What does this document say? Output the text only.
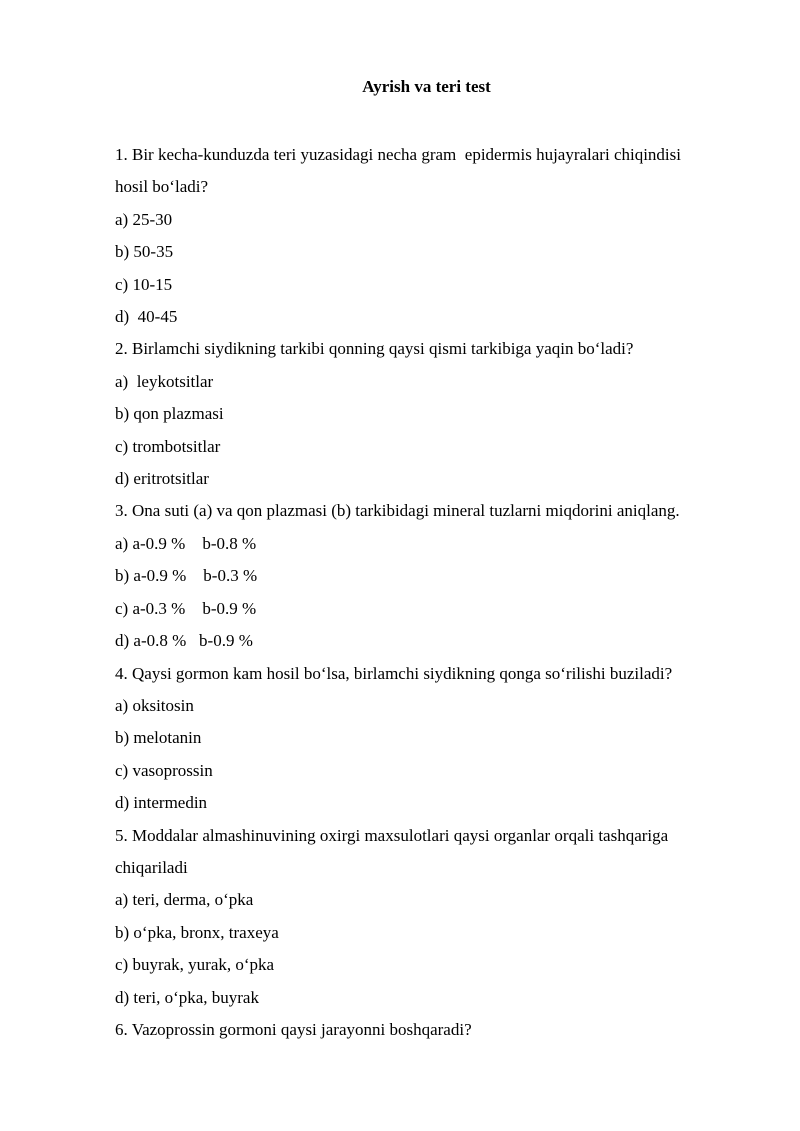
Ayrish va teri test
1. Bir kecha-kunduzda teri yuzasidagi necha gram  epidermis hujayralari chiqindisi
hosil bo‘ladi?
a) 25-30
b) 50-35
c) 10-15
d)  40-45
2. Birlamchi siydikning tarkibi qonning qaysi qismi tarkibiga yaqin bo‘ladi?
a)  leykotsitlar
b) qon plazmasi
c) trombotsitlar
d) eritrotsitlar
3. Ona suti (a) va qon plazmasi (b) tarkibidagi mineral tuzlarni miqdorini aniqlang.
a) a-0.9 %    b-0.8 %
b) a-0.9 %    b-0.3 %
c) a-0.3 %    b-0.9 %
d) a-0.8 %   b-0.9 %
4. Qaysi gormon kam hosil bo‘lsa, birlamchi siydikning qonga so‘rilishi buziladi?
a) oksitosin
b) melotanin
c) vasoprossin
d) intermedin
5. Moddalar almashinuvining oxirgi maxsulotlari qaysi organlar orqali tashqariga
chiqariladi
a) teri, derma, o‘pka
b) o‘pka, bronx, traxeya
c) buyrak, yurak, o‘pka
d) teri, o‘pka, buyrak
6. Vazoprossin gormoni qaysi jarayonni boshqaradi?
